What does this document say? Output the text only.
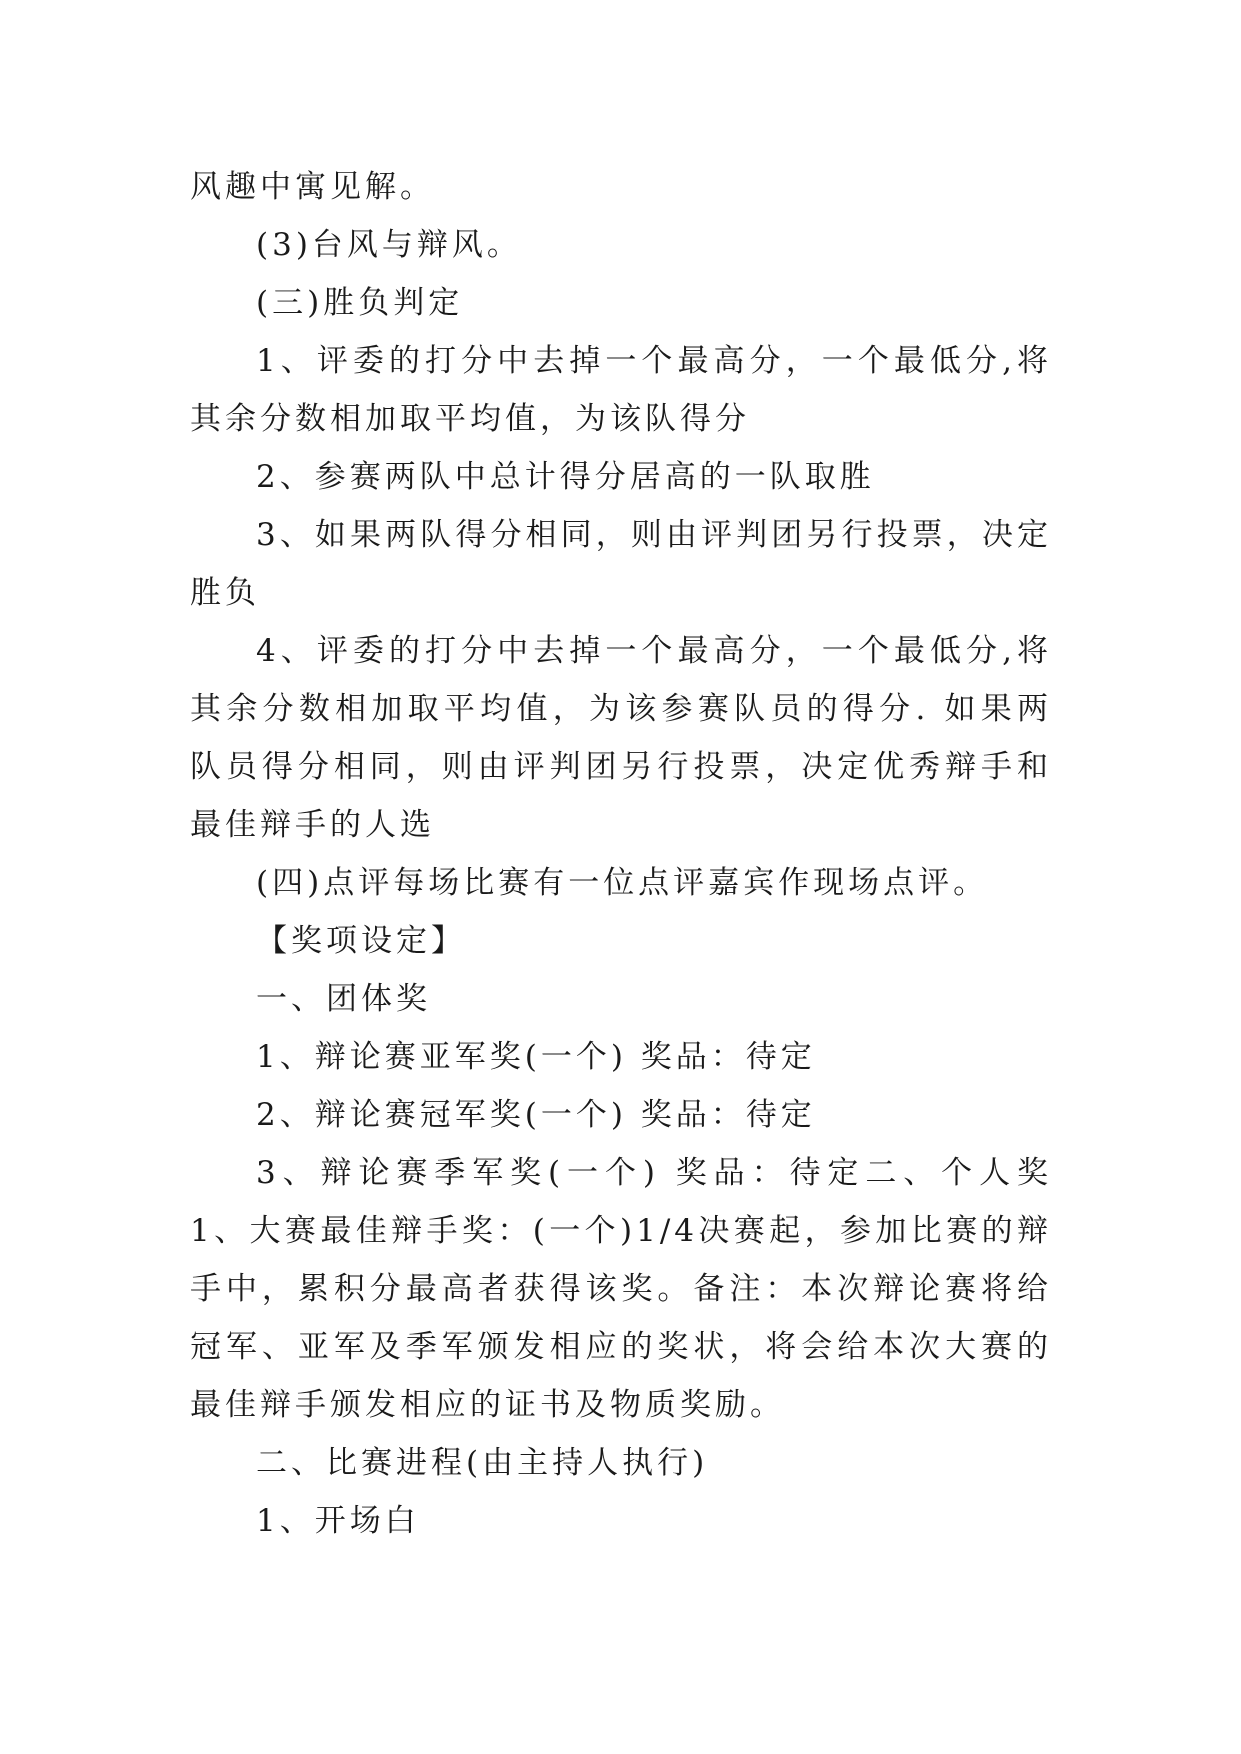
风趣中寓见解。

(3)台风与辩风。

(三)胜负判定

1、评委的打分中去掉一个最高分，一个最低分,将其余分数相加取平均值，为该队得分

2、参赛两队中总计得分居高的一队取胜

3、如果两队得分相同，则由评判团另行投票，决定胜负

4、评委的打分中去掉一个最高分，一个最低分,将其余分数相加取平均值，为该参赛队员的得分. 如果两队员得分相同，则由评判团另行投票，决定优秀辩手和最佳辩手的人选

(四)点评每场比赛有一位点评嘉宾作现场点评。

【奖项设定】

一、团体奖

1、辩论赛亚军奖(一个) 奖品：待定

2、辩论赛冠军奖(一个) 奖品：待定

3、辩论赛季军奖(一个) 奖品：待定二、个人奖 1、大赛最佳辩手奖：(一个)1/4决赛起，参加比赛的辩手中，累积分最高者获得该奖。备注：本次辩论赛将给冠军、亚军及季军颁发相应的奖状，将会给本次大赛的最佳辩手颁发相应的证书及物质奖励。

二、比赛进程(由主持人执行)

1、开场白
